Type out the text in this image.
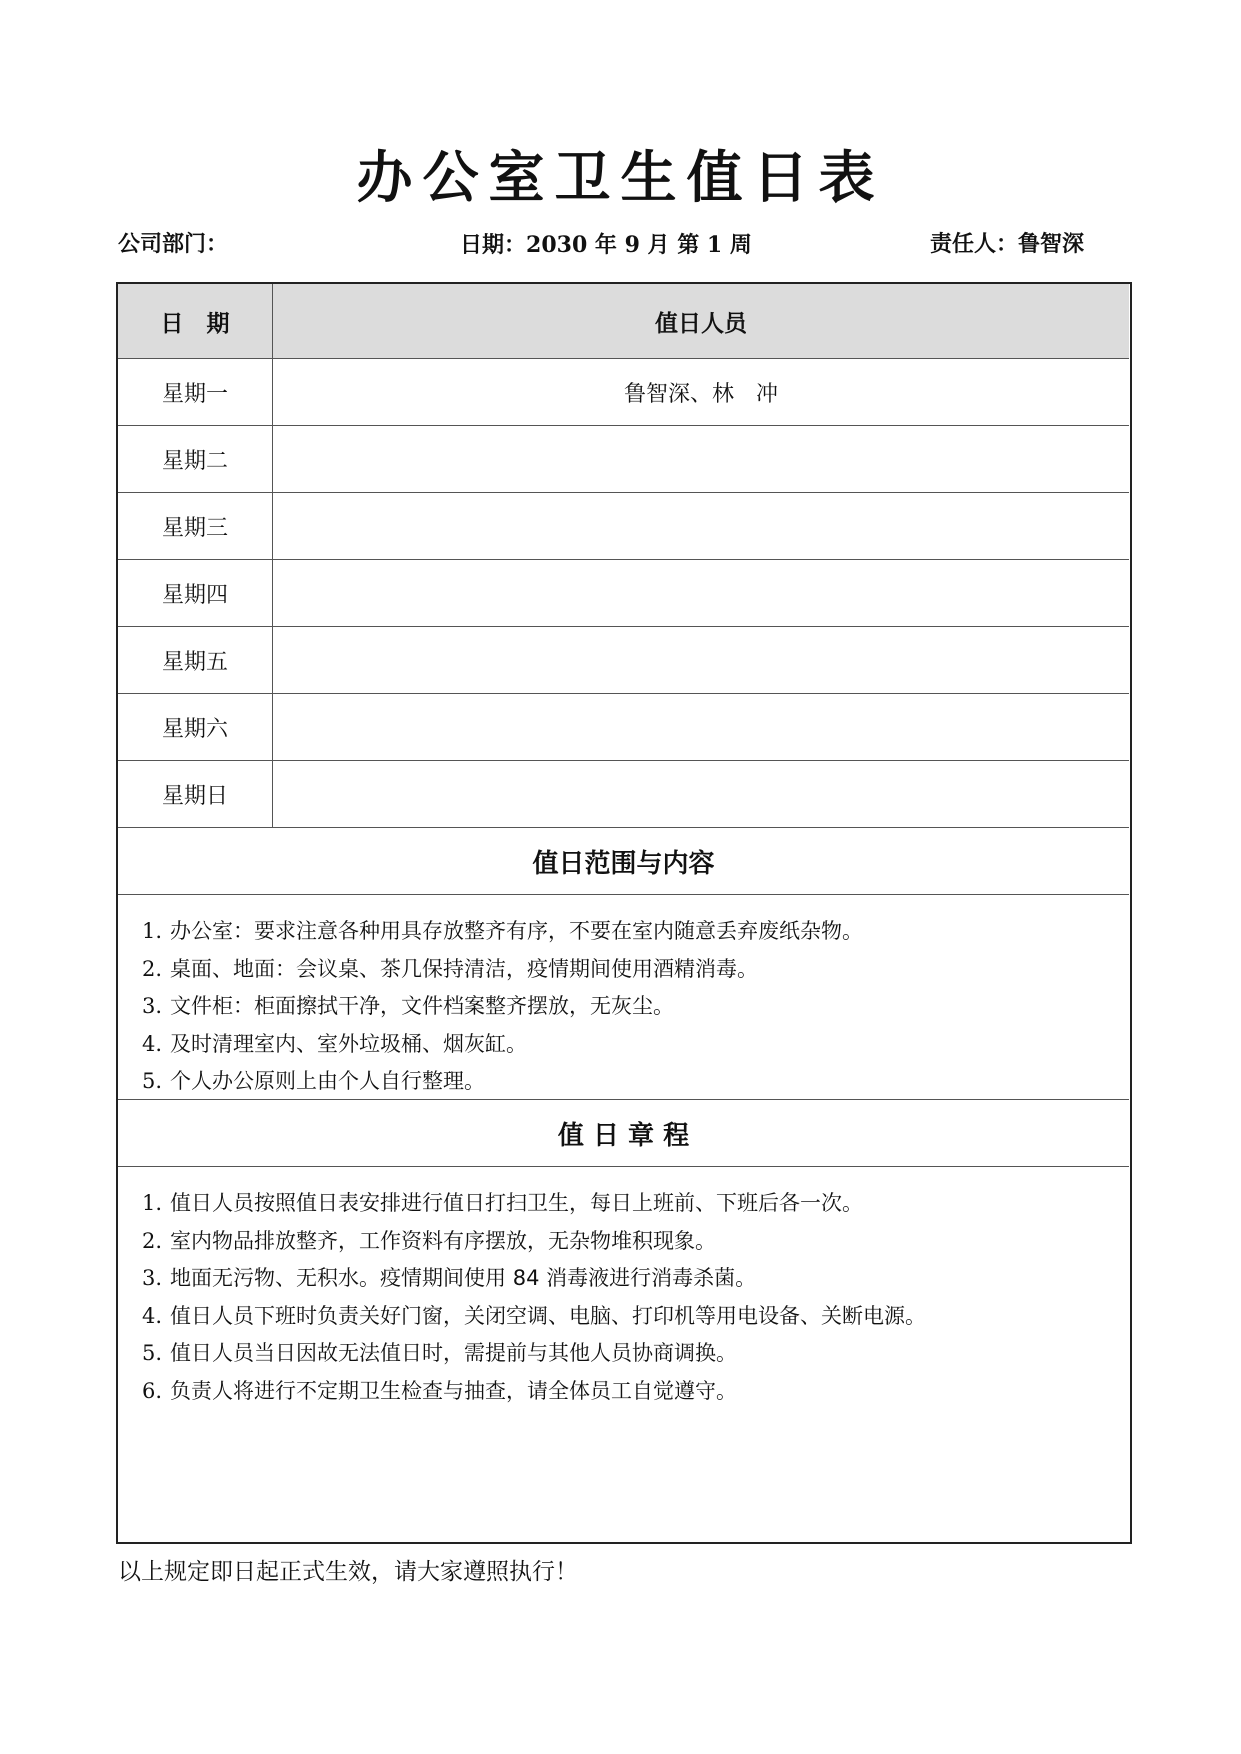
办公室卫生值日表
公司部门：	日期：2030 年 9 月 第 1 周	责任人：鲁智深
日　期	值日人员
星期一	鲁智深、林　冲
星期二
星期三
星期四
星期五
星期六
星期日
值日范围与内容
1. 办公室：要求注意各种用具存放整齐有序，不要在室内随意丢弃废纸杂物。
2. 桌面、地面：会议桌、茶几保持清洁，疫情期间使用酒精消毒。
3. 文件柜：柜面擦拭干净，文件档案整齐摆放，无灰尘。
4. 及时清理室内、室外垃圾桶、烟灰缸。
5. 个人办公原则上由个人自行整理。
值 日 章 程
1. 值日人员按照值日表安排进行值日打扫卫生，每日上班前、下班后各一次。
2. 室内物品排放整齐，工作资料有序摆放，无杂物堆积现象。
3. 地面无污物、无积水。疫情期间使用 84 消毒液进行消毒杀菌。
4. 值日人员下班时负责关好门窗，关闭空调、电脑、打印机等用电设备、关断电源。
5. 值日人员当日因故无法值日时，需提前与其他人员协商调换。
6. 负责人将进行不定期卫生检查与抽查，请全体员工自觉遵守。
以上规定即日起正式生效，请大家遵照执行！
